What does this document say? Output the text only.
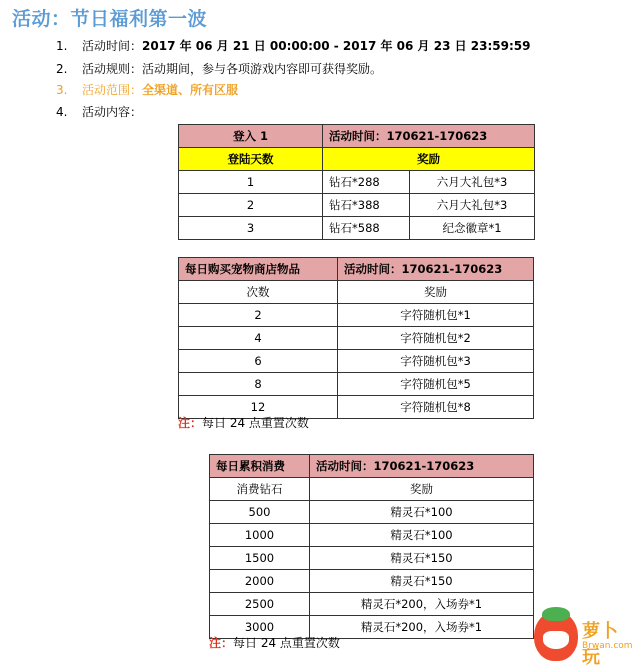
活动：节日福利第一波
1. 活动时间：2017 年 06 月 21 日 00:00:00 - 2017 年 06 月 23 日 23:59:59
2. 活动规则：活动期间，参与各项游戏内容即可获得奖励。
3. 活动范围：全渠道、所有区服
4. 活动内容：
登入 1	活动时间：170621-170623	
登陆天数	奖励	
1	钻石*288	六月大礼包*3
2	钻石*388	六月大礼包*3
3	钻石*588	纪念徽章*1
每日购买宠物商店物品	活动时间：170621-170623
次数	奖励
2	字符随机包*1
4	字符随机包*2
6	字符随机包*3
8	字符随机包*5
12	字符随机包*8
注：每日 24 点重置次数
每日累积消费	活动时间：170621-170623
消费钻石	奖励
500	精灵石*100
1000	精灵石*100
1500	精灵石*150
2000	精灵石*150
2500	精灵石*200，入场券*1
3000	精灵石*200，入场券*1
注：每日 24 点重置次数
萝卜玩
Brwan.com
